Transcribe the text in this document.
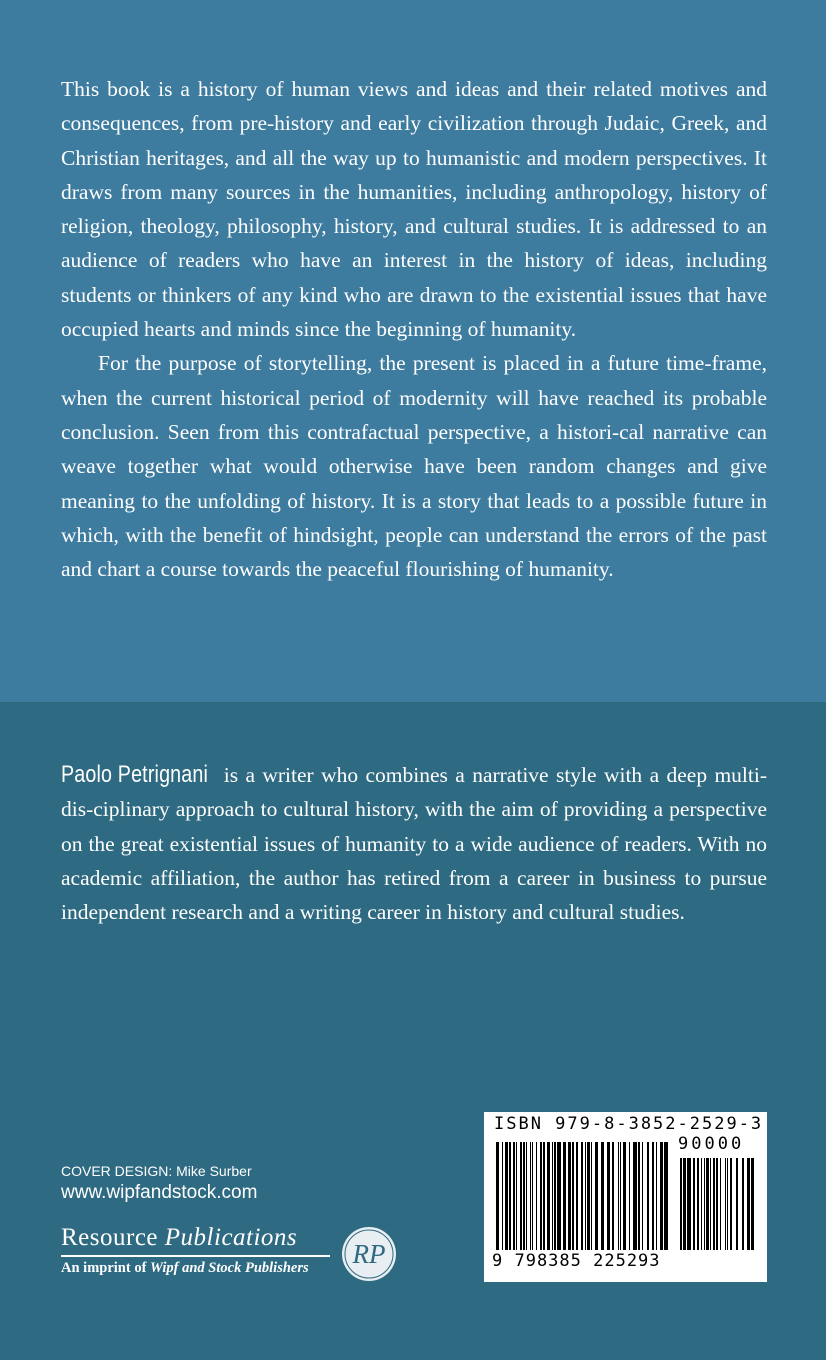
This book is a history of human views and ideas and their related motives and consequences, from pre-history and early civilization through Judaic, Greek, and Christian heritages, and all the way up to humanistic and modern perspectives. It draws from many sources in the humanities, including anthropology, history of religion, theology, philosophy, history, and cultural studies. It is addressed to an audience of readers who have an interest in the history of ideas, including students or thinkers of any kind who are drawn to the existential issues that have occupied hearts and minds since the beginning of humanity.

For the purpose of storytelling, the present is placed in a future time-frame, when the current historical period of modernity will have reached its probable conclusion. Seen from this contrafactual perspective, a histori-cal narrative can weave together what would otherwise have been random changes and give meaning to the unfolding of history. It is a story that leads to a possible future in which, with the benefit of hindsight, people can understand the errors of the past and chart a course towards the peaceful flourishing of humanity.

Paolo Petrignani is a writer who combines a narrative style with a deep multi-dis-ciplinary approach to cultural history, with the aim of providing a perspective on the great existential issues of humanity to a wide audience of readers. With no academic affiliation, the author has retired from a career in business to pursue independent research and a writing career in history and cultural studies.

COVER DESIGN: Mike Surber
www.wipfandstock.com
Resource Publications
An imprint of Wipf and Stock Publishers RP
ISBN 979-8-3852-2529-3
90000
9 798385 225293
